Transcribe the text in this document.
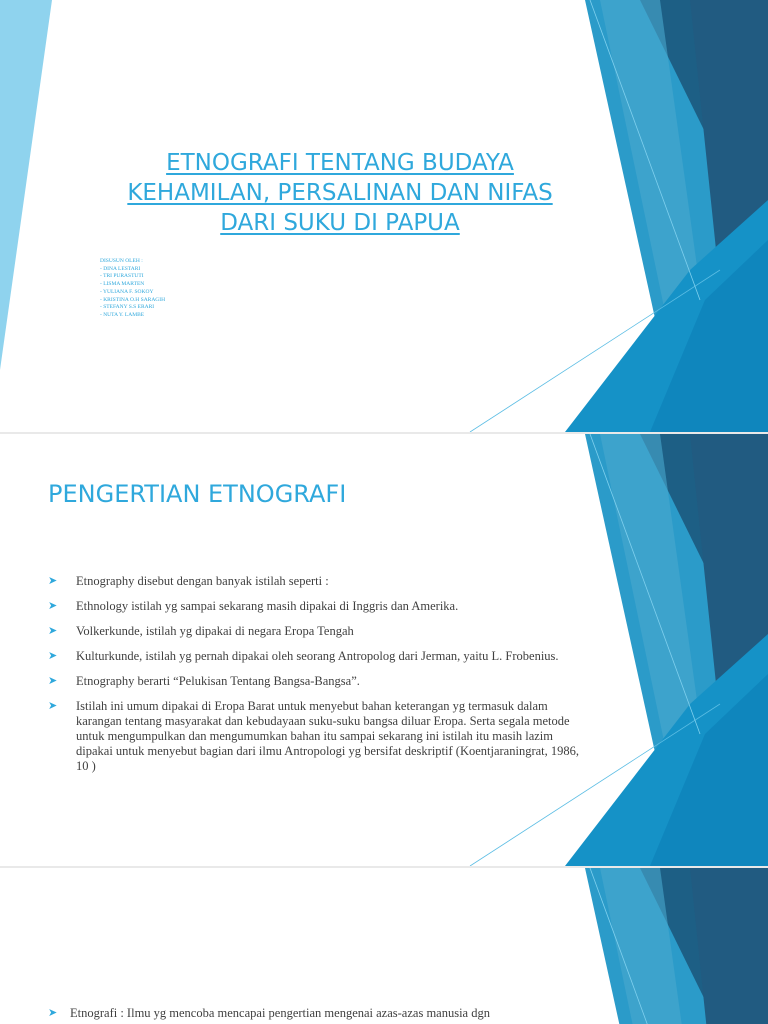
ETNOGRAFI TENTANG BUDAYA
KEHAMILAN, PERSALINAN DAN NIFAS
DARI SUKU DI PAPUA
DISUSUN OLEH :
- DINA LESTARI
- TRI PURASTUTI
- LISMA MARTEN
- YULIANA F. SOKOY
- KRISTINA O.H SARAGIH
- STEFANY S.S ERARI
- NUTA Y. LAMBE
PENGERTIAN ETNOGRAFI
➤ Etnography disebut dengan banyak istilah seperti :
➤ Ethnology istilah yg sampai sekarang masih dipakai di Inggris dan Amerika.
➤ Volkerkunde, istilah yg dipakai di negara Eropa Tengah
➤ Kulturkunde, istilah yg pernah dipakai oleh seorang Antropolog dari Jerman, yaitu L. Frobenius.
➤ Etnography berarti “Pelukisan Tentang Bangsa-Bangsa”.
➤ Istilah ini umum dipakai di Eropa Barat untuk menyebut bahan keterangan yg termasuk dalam karangan tentang masyarakat dan kebudayaan suku-suku bangsa diluar Eropa. Serta segala metode untuk mengumpulkan dan mengumumkan bahan itu sampai sekarang ini istilah itu masih lazim dipakai untuk menyebut bagian dari ilmu Antropologi yg bersifat deskriptif (Koentjaraningrat, 1986, 10 )
➤ Etnografi : Ilmu yg mencoba mencapai pengertian mengenai azas-azas manusia dgn
